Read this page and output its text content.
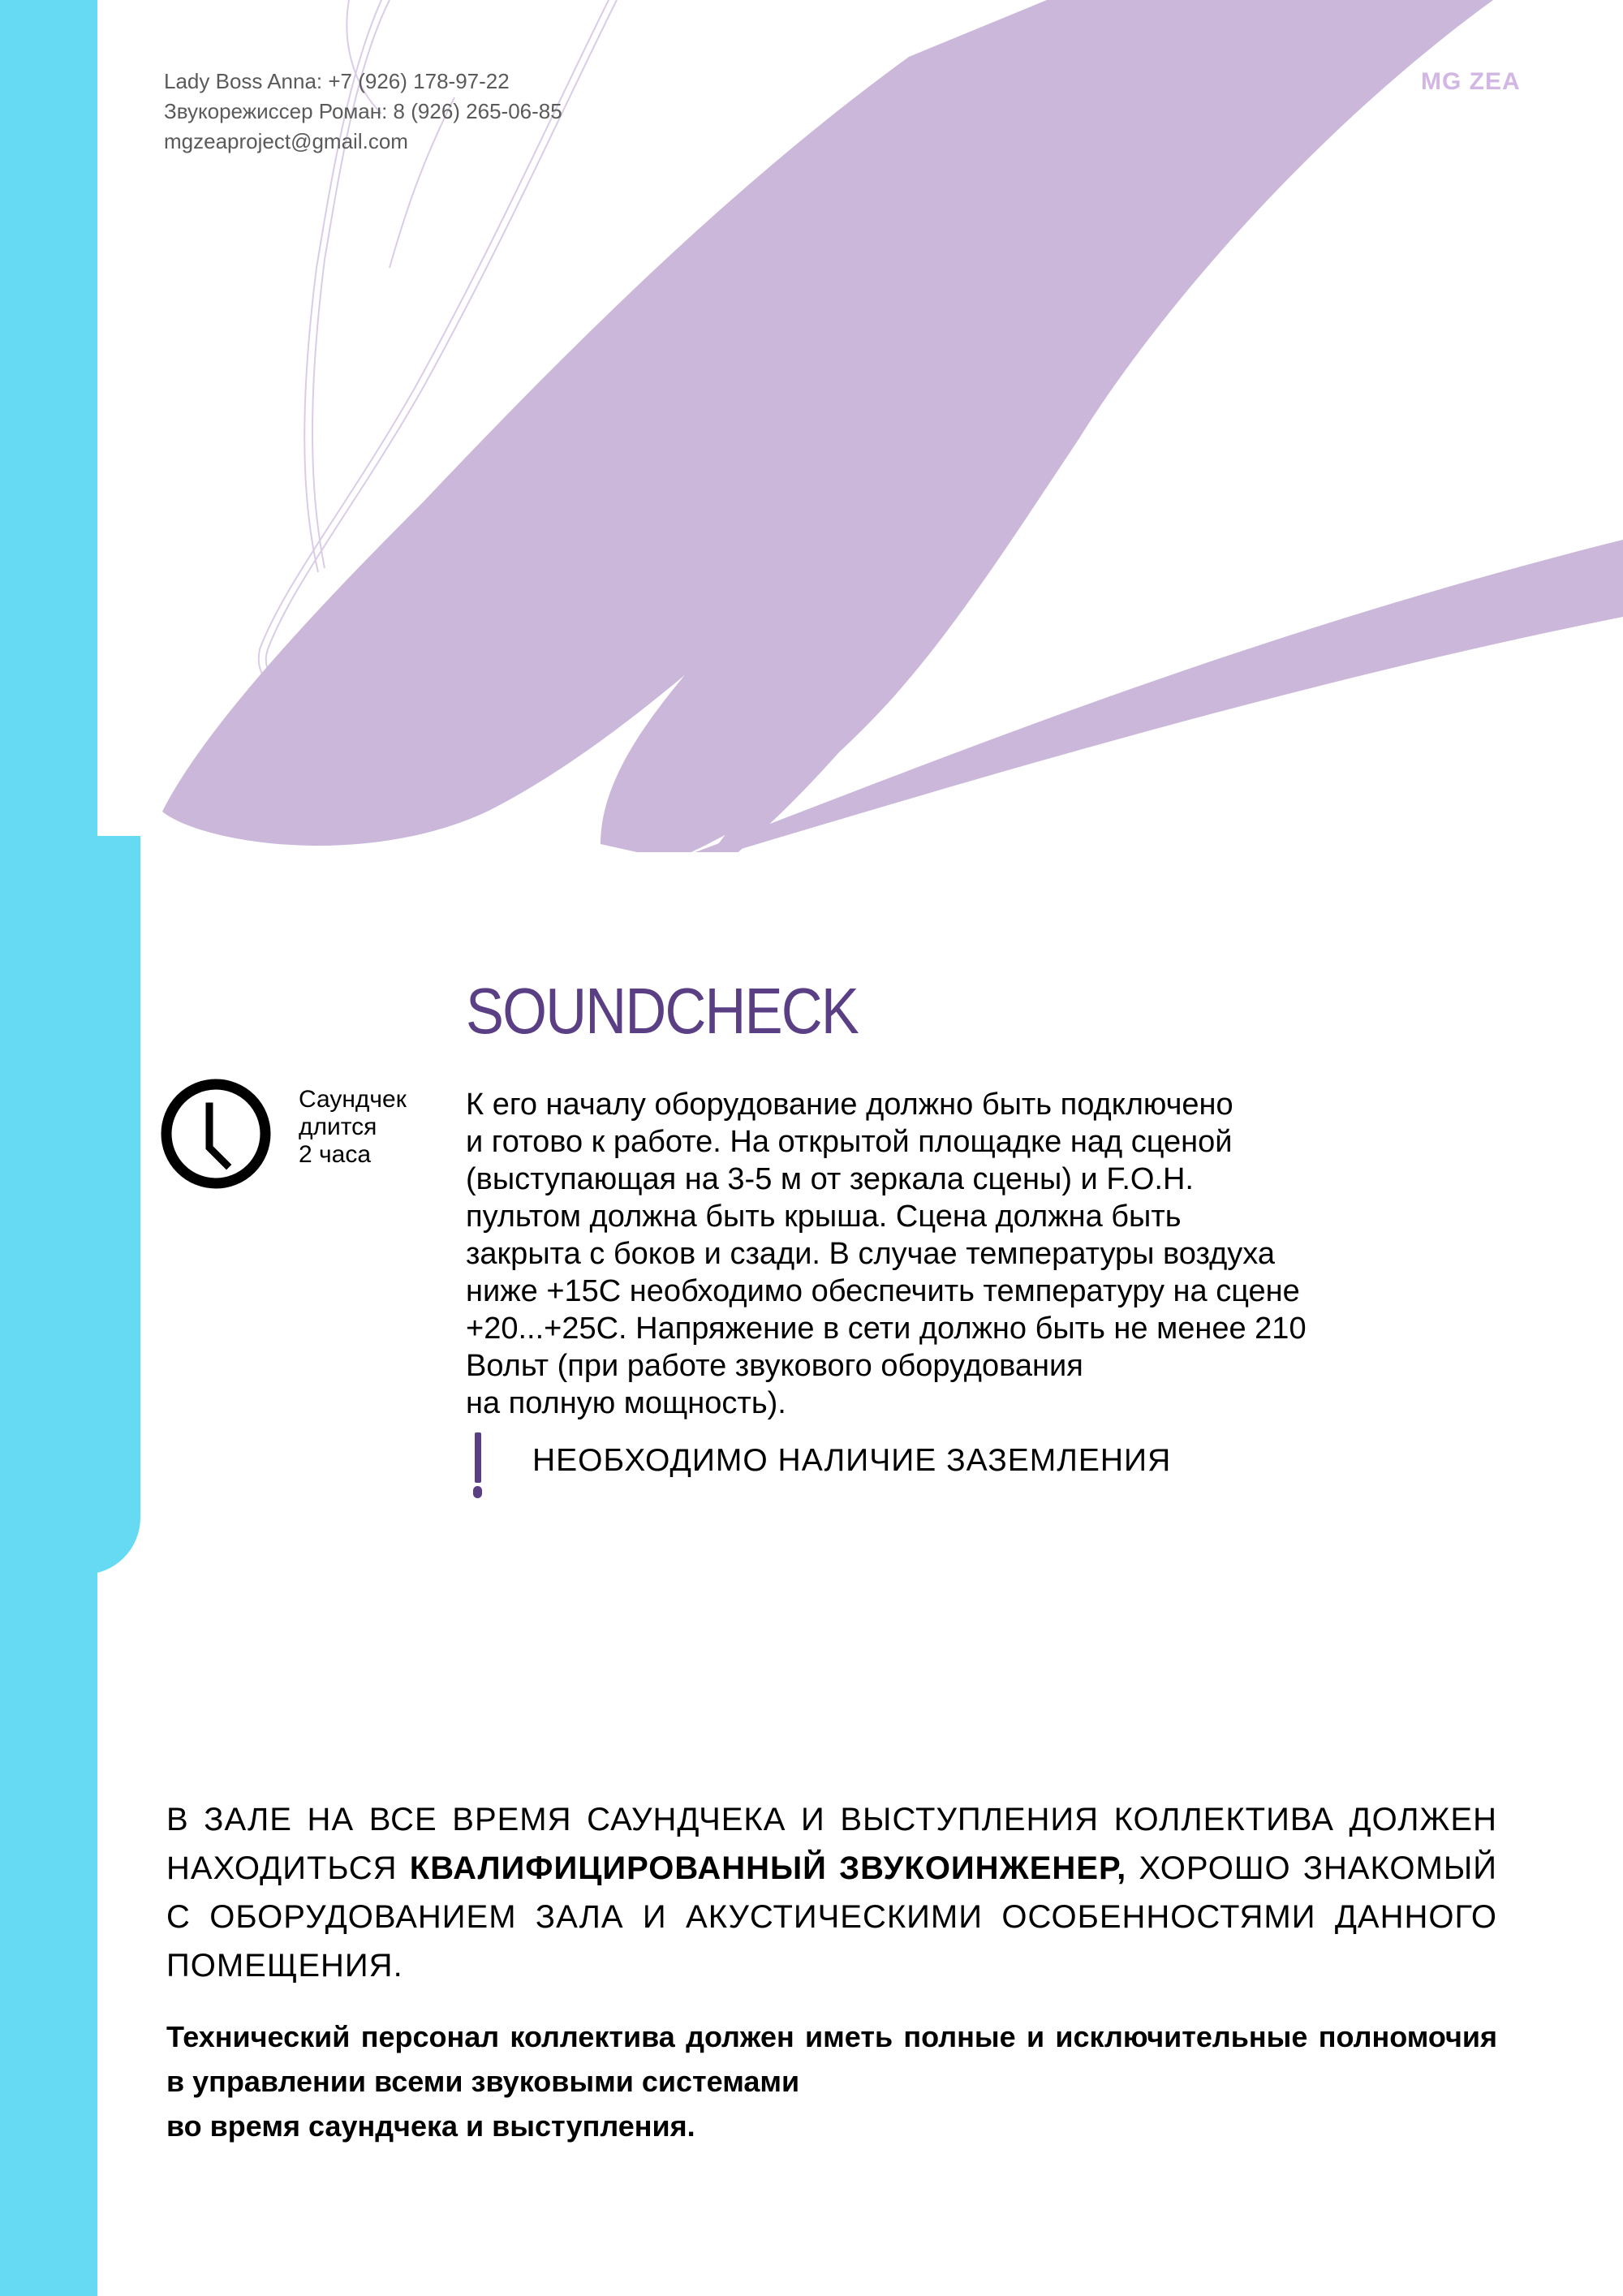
Lady Boss Anna: +7 (926) 178-97-22
Звукорежиссер Роман: 8 (926) 265-06-85
mgzeaproject@gmail.com
MG ZEA
SOUNDCHECK
Саундчек
длится
2 часа
К его началу оборудование должно быть подключено
и готово к работе. На открытой площадке над сценой
(выступающая на 3-5 м от зеркала сцены) и F.O.H.
пультом должна быть крыша. Сцена должна быть
закрыта с боков и сзади. В случае температуры воздуха
ниже +15С необходимо обеспечить температуру на сцене
+20...+25С. Напряжение в сети должно быть не менее 210
Вольт (при работе звукового оборудования
на полную мощность).
НЕОБХОДИМО НАЛИЧИЕ ЗАЗЕМЛЕНИЯ
В ЗАЛЕ НА ВСЕ ВРЕМЯ САУНДЧЕКА И ВЫСТУПЛЕНИЯ КОЛЛЕКТИВА ДОЛЖЕН НАХОДИТЬСЯ КВАЛИФИЦИРОВАННЫЙ ЗВУКОИНЖЕНЕР, ХОРОШО ЗНАКОМЫЙ С ОБОРУДОВАНИЕМ ЗАЛА И АКУСТИЧЕСКИМИ ОСОБЕННОСТЯМИ ДАННОГО ПОМЕЩЕНИЯ.
Технический персонал коллектива должен иметь полные и исключительные полномочия в управлении всеми звуковыми системами
во время саундчека и выступления.
